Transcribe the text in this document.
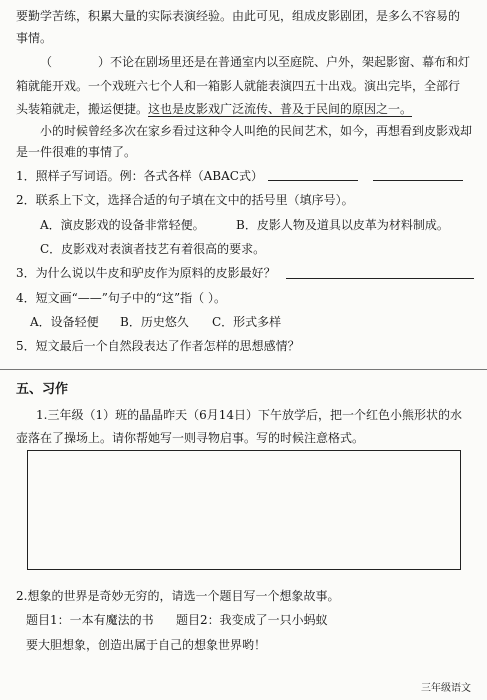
要勤学苦练，积累大量的实际表演经验。由此可见，组成皮影剧团，是多么不容易的
事情。
（	）不论在剧场里还是在普通室内以至庭院、户外，架起影窗、幕布和灯
箱就能开戏。一个戏班六七个人和一箱影人就能表演四五十出戏。演出完毕，全部行
头装箱就走，搬运便捷。这也是皮影戏广泛流传、普及于民间的原因之一。
小的时候曾经多次在家乡看过这种令人叫绝的民间艺术，如今，再想看到皮影戏却
是一件很难的事情了。
1．照样子写词语。例：各式各样（ABAC式）
2．联系上下文，选择合适的句子填在文中的括号里（填序号）。
A．演皮影戏的设备非常轻便。	B．皮影人物及道具以皮革为材料制成。
C．皮影戏对表演者技艺有着很高的要求。
3．为什么说以牛皮和驴皮作为原料的皮影最好？
4．短文画“——”句子中的“这”指（ ）。
A．设备轻便 B．历史悠久 C．形式多样
5．短文最后一个自然段表达了作者怎样的思想感情？
五、习作
1.三年级（1）班的晶晶昨天（6月14日）下午放学后，把一个红色小熊形状的水
壶落在了操场上。请你帮她写一则寻物启事。写的时候注意格式。
2.想象的世界是奇妙无穷的，请选一个题目写一个想象故事。
题目1：一本有魔法的书 题目2：我变成了一只小蚂蚁
要大胆想象，创造出属于自己的想象世界哟！
三年级语文
